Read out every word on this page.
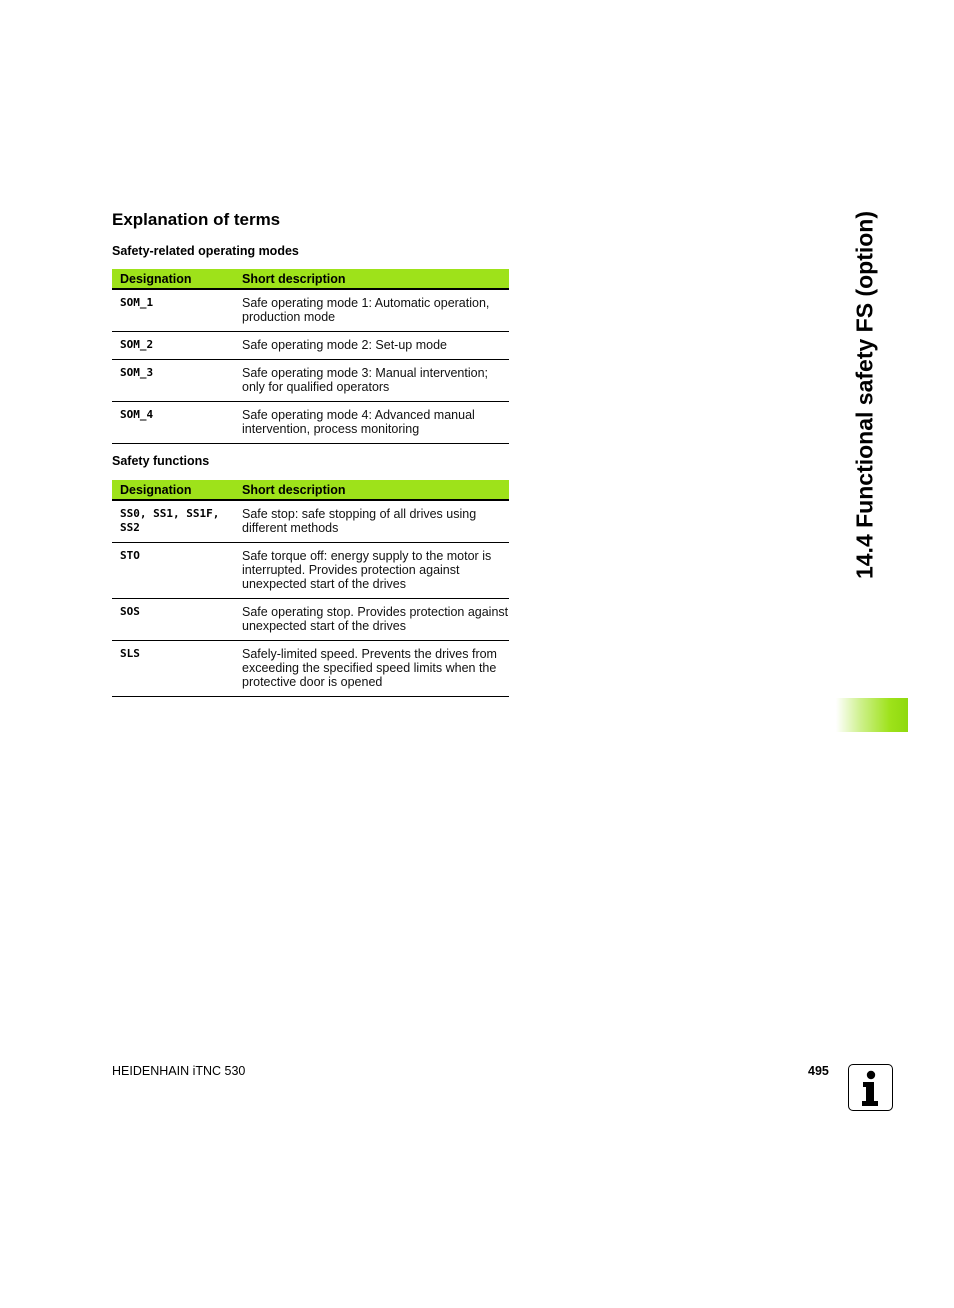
Explanation of terms
Safety-related operating modes
Designation	Short description
SOM_1	Safe operating mode 1: Automatic operation, production mode
SOM_2	Safe operating mode 2: Set-up mode
SOM_3	Safe operating mode 3: Manual intervention; only for qualified operators
SOM_4	Safe operating mode 4: Advanced manual intervention, process monitoring
Safety functions
Designation	Short description
SS0, SS1, SS1F, SS2	Safe stop: safe stopping of all drives using different methods
STO	Safe torque off: energy supply to the motor is interrupted. Provides protection against unexpected start of the drives
SOS	Safe operating stop. Provides protection against unexpected start of the drives
SLS	Safely-limited speed. Prevents the drives from exceeding the specified speed limits when the protective door is opened
14.4 Functional safety FS (option)
HEIDENHAIN iTNC 530	495
